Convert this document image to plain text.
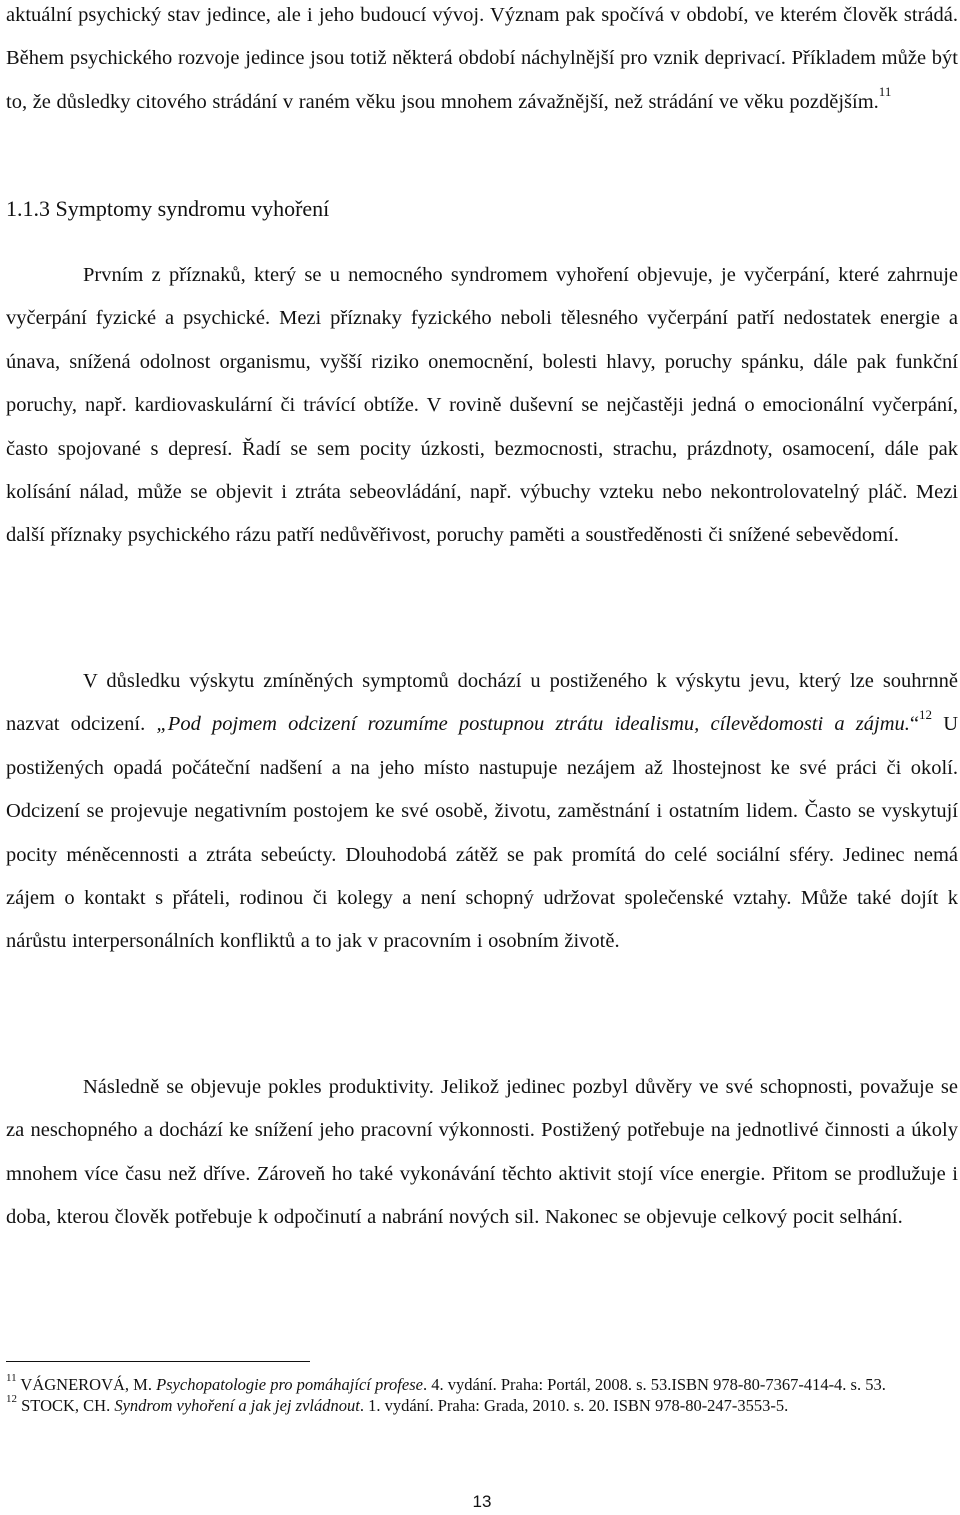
aktuální psychický stav jedince, ale i jeho budoucí vývoj. Význam pak spočívá v období, ve kterém člověk strádá. Během psychického rozvoje jedince jsou totiž některá období náchylnější pro vznik deprivací. Příkladem může být to, že důsledky citového strádání v raném věku jsou mnohem závažnější, než strádání ve věku pozdějším.$^{11}$

1.1.3 Symptomy syndromu vyhoření

Prvním z příznaků, který se u nemocného syndromem vyhoření objevuje, je vyčerpání, které zahrnuje vyčerpání fyzické a psychické. Mezi příznaky fyzického neboli tělesného vyčerpání patří nedostatek energie a únava, snížená odolnost organismu, vyšší riziko onemocnění, bolesti hlavy, poruchy spánku, dále pak funkční poruchy, např. kardiovaskulární či trávící obtíže. V rovině duševní se nejčastěji jedná o emocionální vyčerpání, často spojované s depresí. Řadí se sem pocity úzkosti, bezmocnosti, strachu, prázdnoty, osamocení, dále pak kolísání nálad, může se objevit i ztráta sebeovládání, např. výbuchy vzteku nebo nekontrolovatelný pláč. Mezi další příznaky psychického rázu patří nedůvěřivost, poruchy paměti a soustředěnosti či snížené sebevědomí.

V důsledku výskytu zmíněných symptomů dochází u postiženého k výskytu jevu, který lze souhrnně nazvat odcizení. „Pod pojmem odcizení rozumíme postupnou ztrátu idealismu, cílevědomosti a zájmu.“$^{12}$ U postižených opadá počáteční nadšení a na jeho místo nastupuje nezájem až lhostejnost ke své práci či okolí. Odcizení se projevuje negativním postojem ke své osobě, životu, zaměstnání i ostatním lidem. Často se vyskytují pocity méněcennosti a ztráta sebeúcty. Dlouhodobá zátěž se pak promítá do celé sociální sféry. Jedinec nemá zájem o kontakt s přáteli, rodinou či kolegy a není schopný udržovat společenské vztahy. Může také dojít k nárůstu interpersonálních konfliktů a to jak v pracovním i osobním životě.

Následně se objevuje pokles produktivity. Jelikož jedinec pozbyl důvěry ve své schopnosti, považuje se za neschopného a dochází ke snížení jeho pracovní výkonnosti. Postižený potřebuje na jednotlivé činnosti a úkoly mnohem více času než dříve. Zároveň ho také vykonávání těchto aktivit stojí více energie. Přitom se prodlužuje i doba, kterou člověk potřebuje k odpočinutí a nabrání nových sil. Nakonec se objevuje celkový pocit selhání.

$^{11}$ VÁGNEROVÁ, M. Psychopatologie pro pomáhající profese. 4. vydání. Praha: Portál, 2008. s. 53.ISBN 978-80-7367-414-4. s. 53.

$^{12}$ STOCK, CH. Syndrom vyhoření a jak jej zvládnout. 1. vydání. Praha: Grada, 2010. s. 20. ISBN 978-80-247-3553-5.

13
